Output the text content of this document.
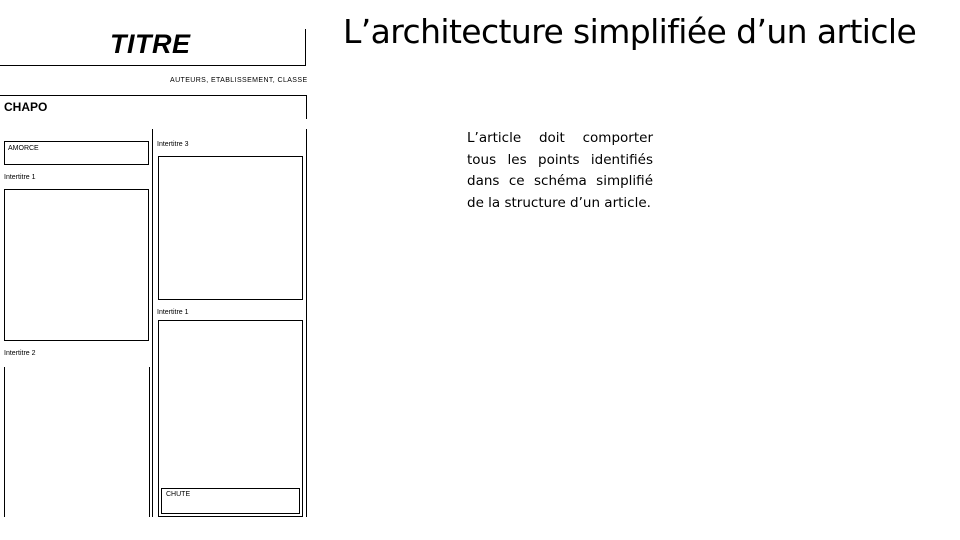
TITRE
AUTEURS, ETABLISSEMENT, CLASSE
CHAPO
AMORCE
Intertitre 1
Intertitre 2
Intertitre 3
Intertitre 1
CHUTE
L’architecture simplifiée d’un article

L’article doit comporter tous les points identifiés dans ce schéma simplifié de la structure d’un article.
